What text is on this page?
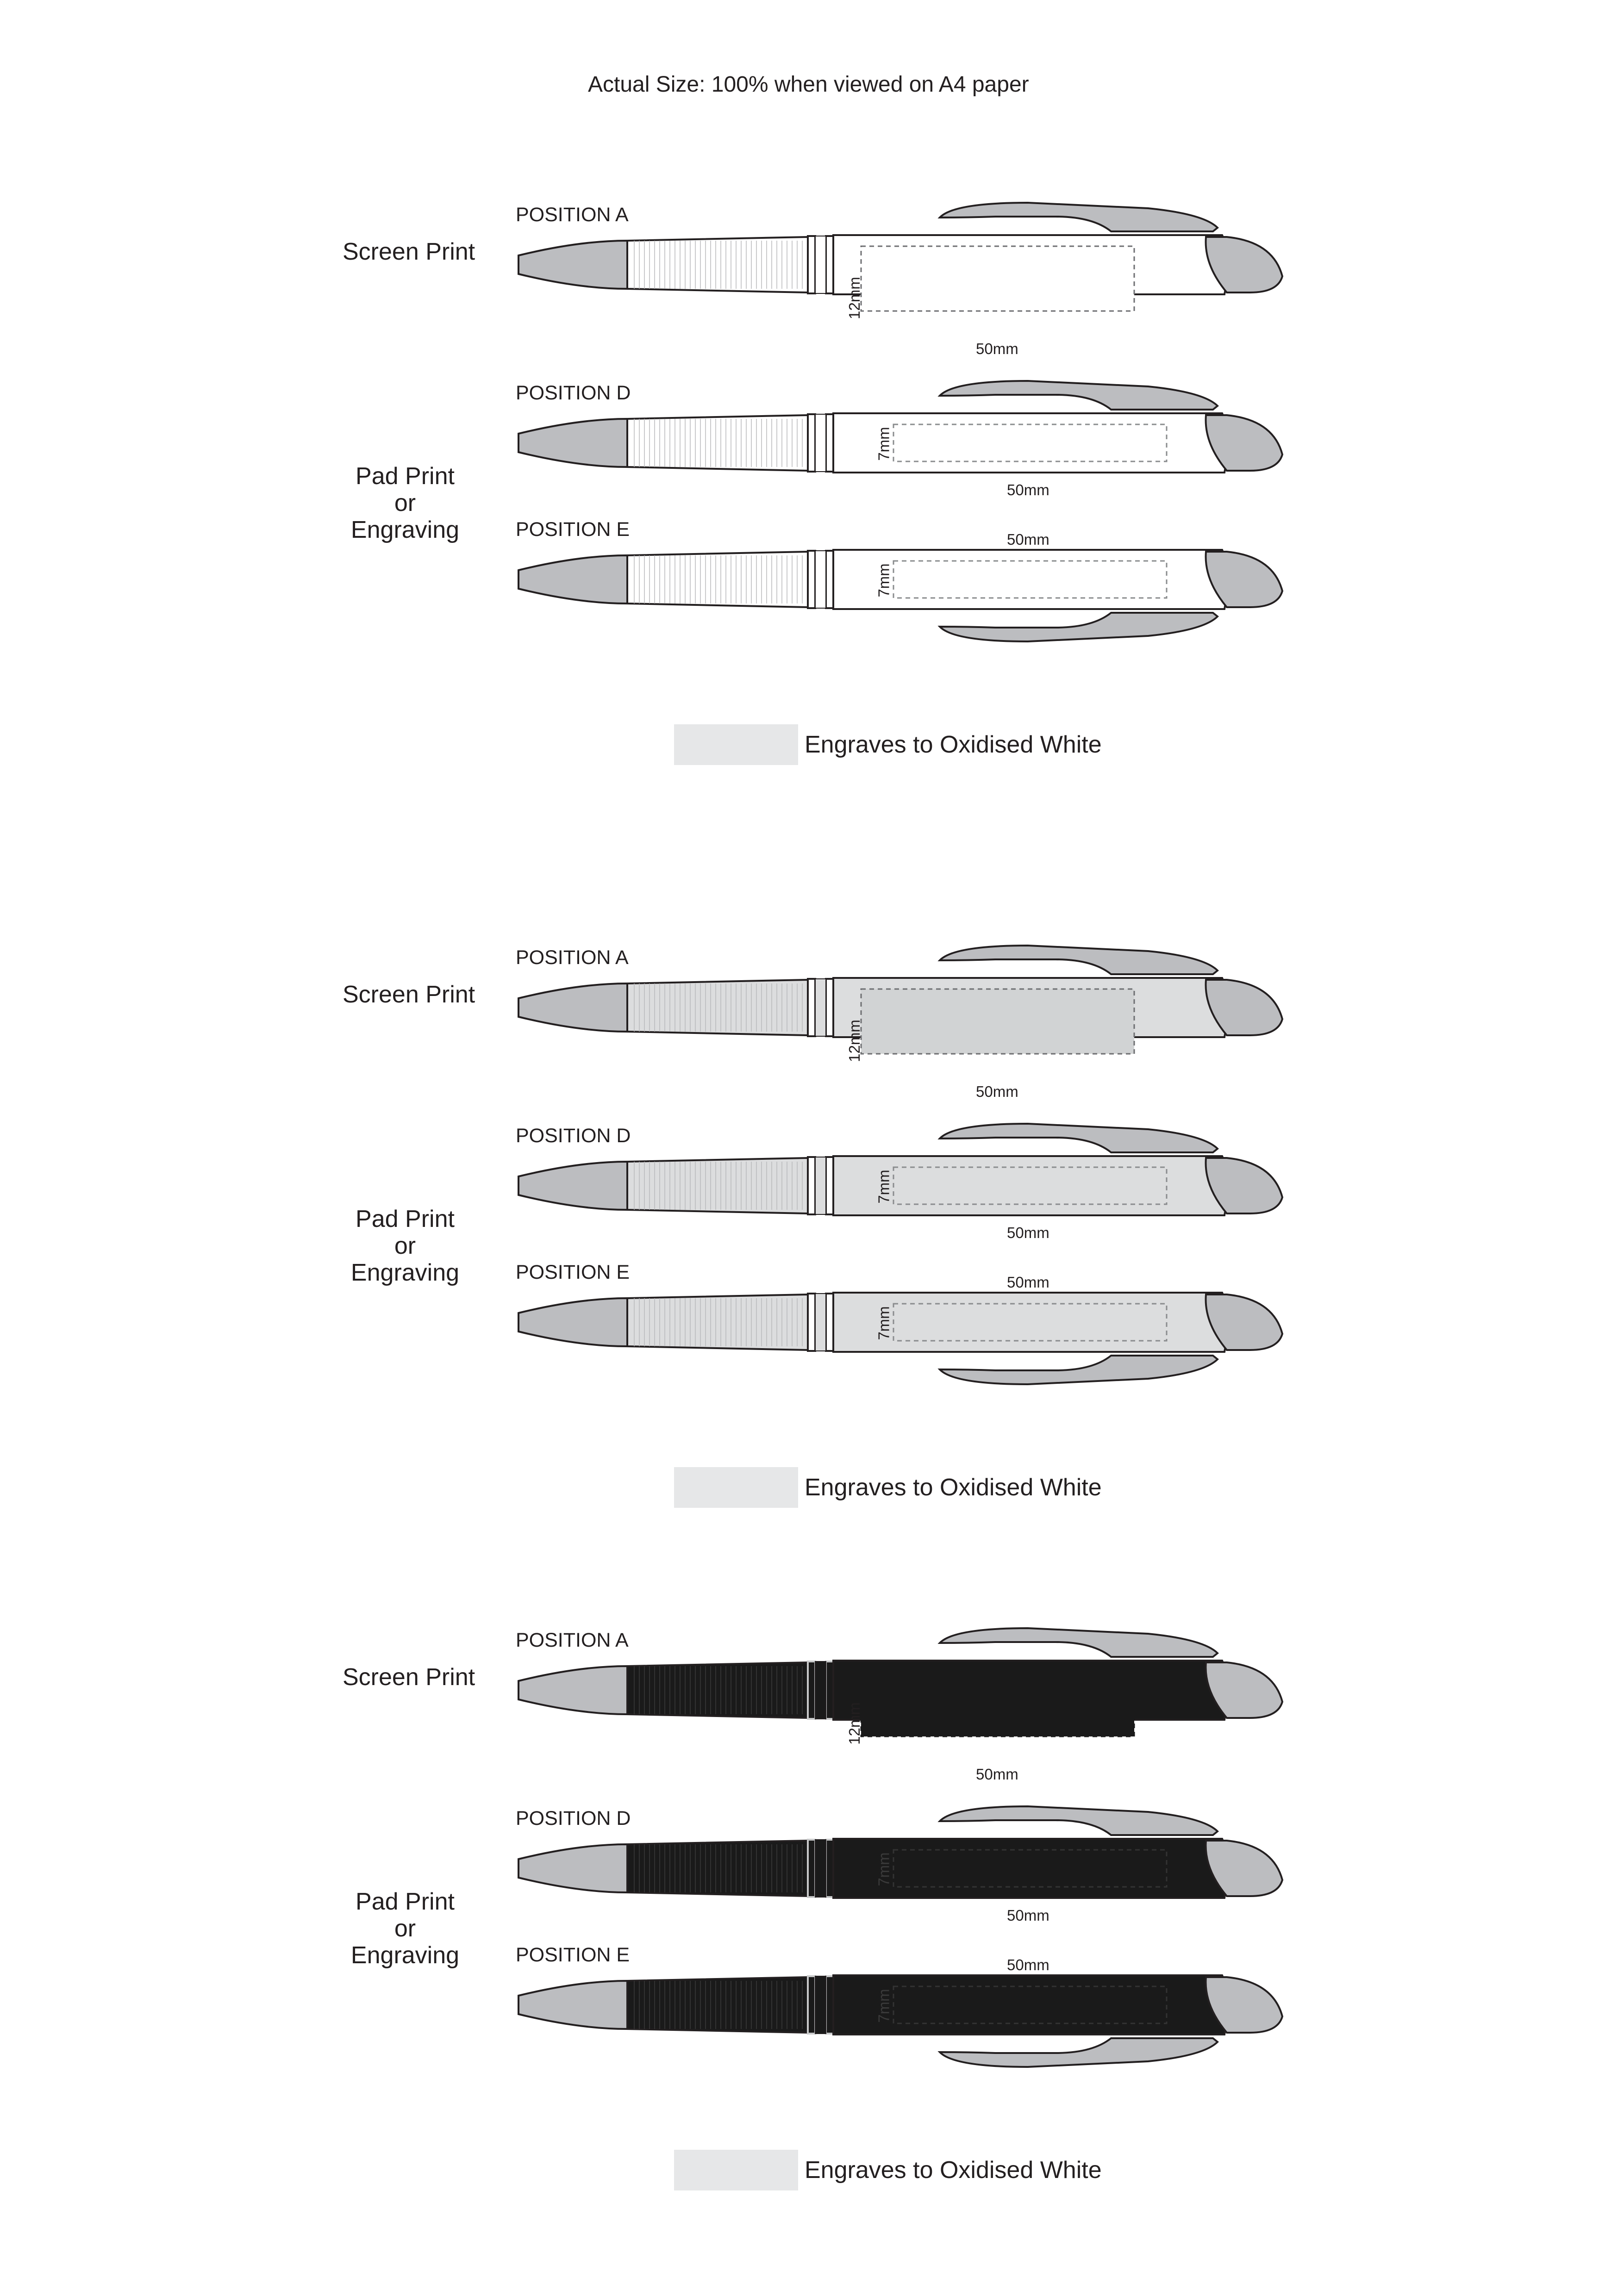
Actual Size: 100% when viewed on A4 paper
Screen Print
Pad Print
or
Engraving
POSITION A
POSITION D
POSITION E
12mm
50mm
7mm
50mm
50mm
7mm
Engraves to Oxidised White
Screen Print
Pad Print
or
Engraving
POSITION A
POSITION D
POSITION E
12mm
50mm
7mm
50mm
50mm
7mm
Engraves to Oxidised White
Screen Print
Pad Print
or
Engraving
POSITION A
POSITION D
POSITION E
12mm
50mm
7mm
50mm
50mm
7mm
Engraves to Oxidised White
